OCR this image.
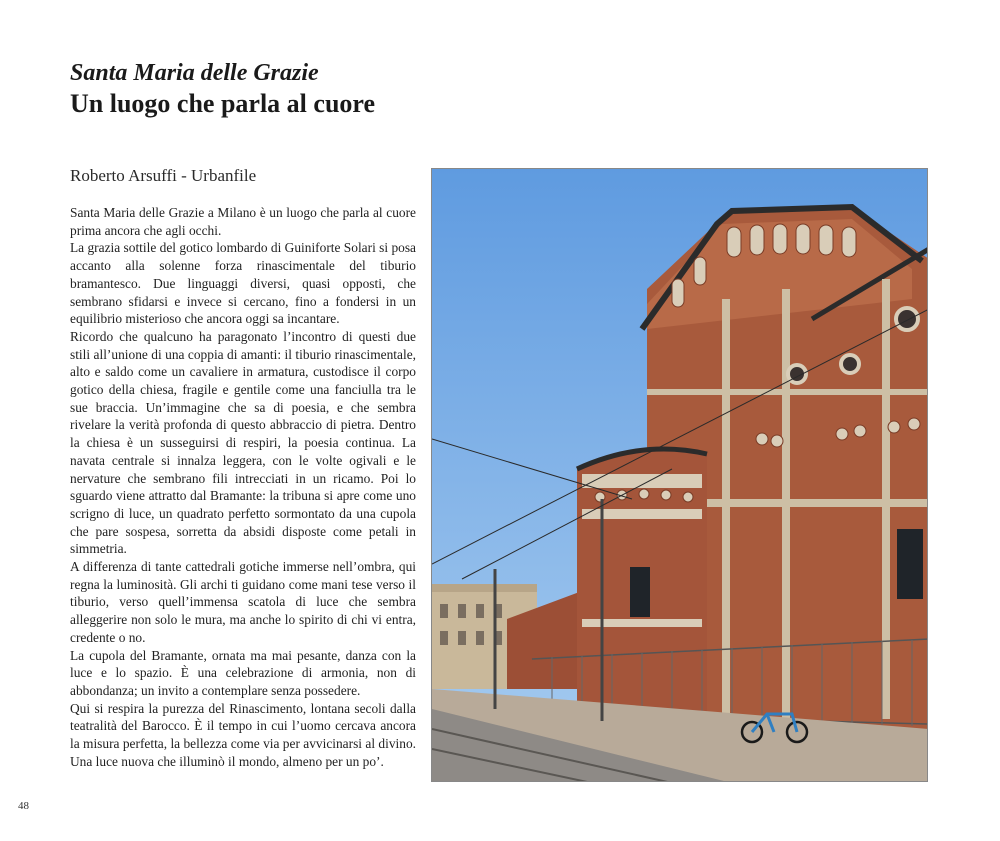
Santa Maria delle Grazie
Un luogo che parla al cuore
Roberto Arsuffi - Urbanfile

Santa Maria delle Grazie a Milano è un luogo che parla al cuore prima ancora che agli occhi.

La grazia sottile del gotico lombardo di Guiniforte Solari si posa accanto alla solenne forza rinascimentale del tiburio bramantesco. Due linguaggi diversi, quasi opposti, che sembrano sfidarsi e invece si cercano, fino a fondersi in un equilibrio misterioso che ancora oggi sa incantare.

Ricordo che qualcuno ha paragonato l’incontro di questi due stili all’unione di una coppia di amanti: il tiburio rinascimentale, alto e saldo come un cavaliere in armatura, custodisce il corpo gotico della chiesa, fragile e gentile come una fanciulla tra le sue braccia. Un’immagine che sa di poesia, e che sembra rivelare la verità profonda di questo abbraccio di pietra. Dentro la chiesa è un susseguirsi di respiri, la poesia continua. La navata centrale si innalza leggera, con le volte ogivali e le nervature che sembrano fili intrecciati in un ricamo. Poi lo sguardo viene attratto dal Bramante: la tribuna si apre come uno scrigno di luce, un quadrato perfetto sormontato da una cupola che pare sospesa, sorretta da absidi disposte come petali in simmetria.

A differenza di tante cattedrali gotiche immerse nell’ombra, qui regna la luminosità. Gli archi ti guidano come mani tese verso il tiburio, verso quell’immensa scatola di luce che sembra alleggerire non solo le mura, ma anche lo spirito di chi vi entra, credente o no.

La cupola del Bramante, ornata ma mai pesante, danza con la luce e lo spazio. È una celebrazione di armonia, non di abbondanza; un invito a contemplare senza possedere.

Qui si respira la purezza del Rinascimento, lontana secoli dalla teatralità del Barocco. È il tempo in cui l’uomo cercava ancora la misura perfetta, la bellezza come via per avvicinarsi al divino. Una luce nuova che illuminò il mondo, almeno per un po’.

48
